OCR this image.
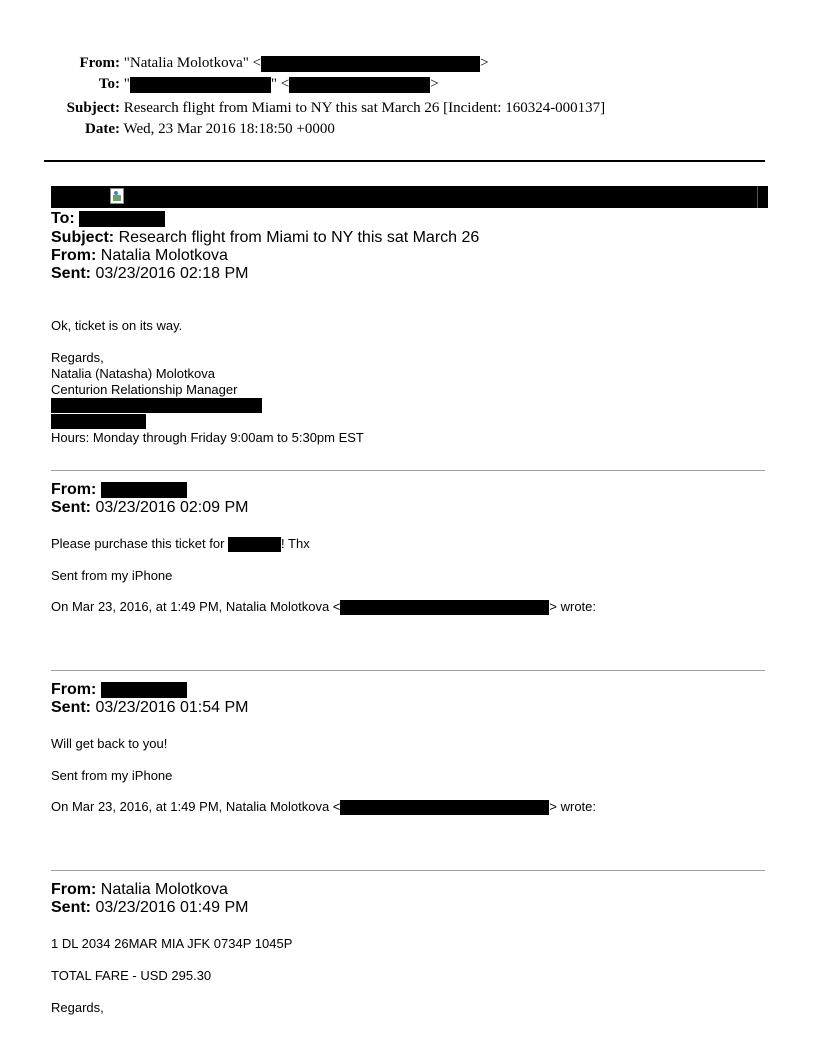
From: "Natalia Molotkova" <	>
To: "	" <	>
Subject: Research flight from Miami to NY this sat March 26 [Incident: 160324-000137]
Date: Wed, 23 Mar 2016 18:18:50 +0000
To:
Subject: Research flight from Miami to NY this sat March 26
From: Natalia Molotkova
Sent: 03/23/2016 02:18 PM
Ok, ticket is on its way.
Regards,
Natalia (Natasha) Molotkova
Centurion Relationship Manager
Hours: Monday through Friday 9:00am to 5:30pm EST
From:
Sent: 03/23/2016 02:09 PM
Please purchase this ticket for	! Thx
Sent from my iPhone
On Mar 23, 2016, at 1:49 PM, Natalia Molotkova <	> wrote:
From:
Sent: 03/23/2016 01:54 PM
Will get back to you!
Sent from my iPhone
On Mar 23, 2016, at 1:49 PM, Natalia Molotkova <	> wrote:
From: Natalia Molotkova
Sent: 03/23/2016 01:49 PM
1 DL 2034 26MAR MIA JFK 0734P 1045P
TOTAL FARE - USD 295.30
Regards,
